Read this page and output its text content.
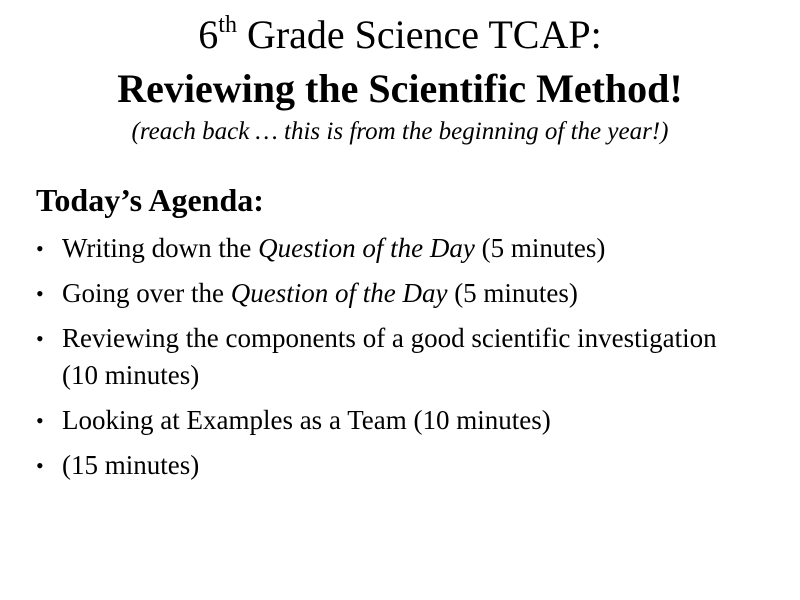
6th Grade Science TCAP:
Reviewing the Scientific Method!
(reach back … this is from the beginning of the year!)
Today’s Agenda:
• Writing down the Question of the Day (5 minutes)
• Going over the Question of the Day (5 minutes)
• Reviewing the components of a good scientific investigation (10 minutes)
• Looking at Examples as a Team (10 minutes)
• (15 minutes)
